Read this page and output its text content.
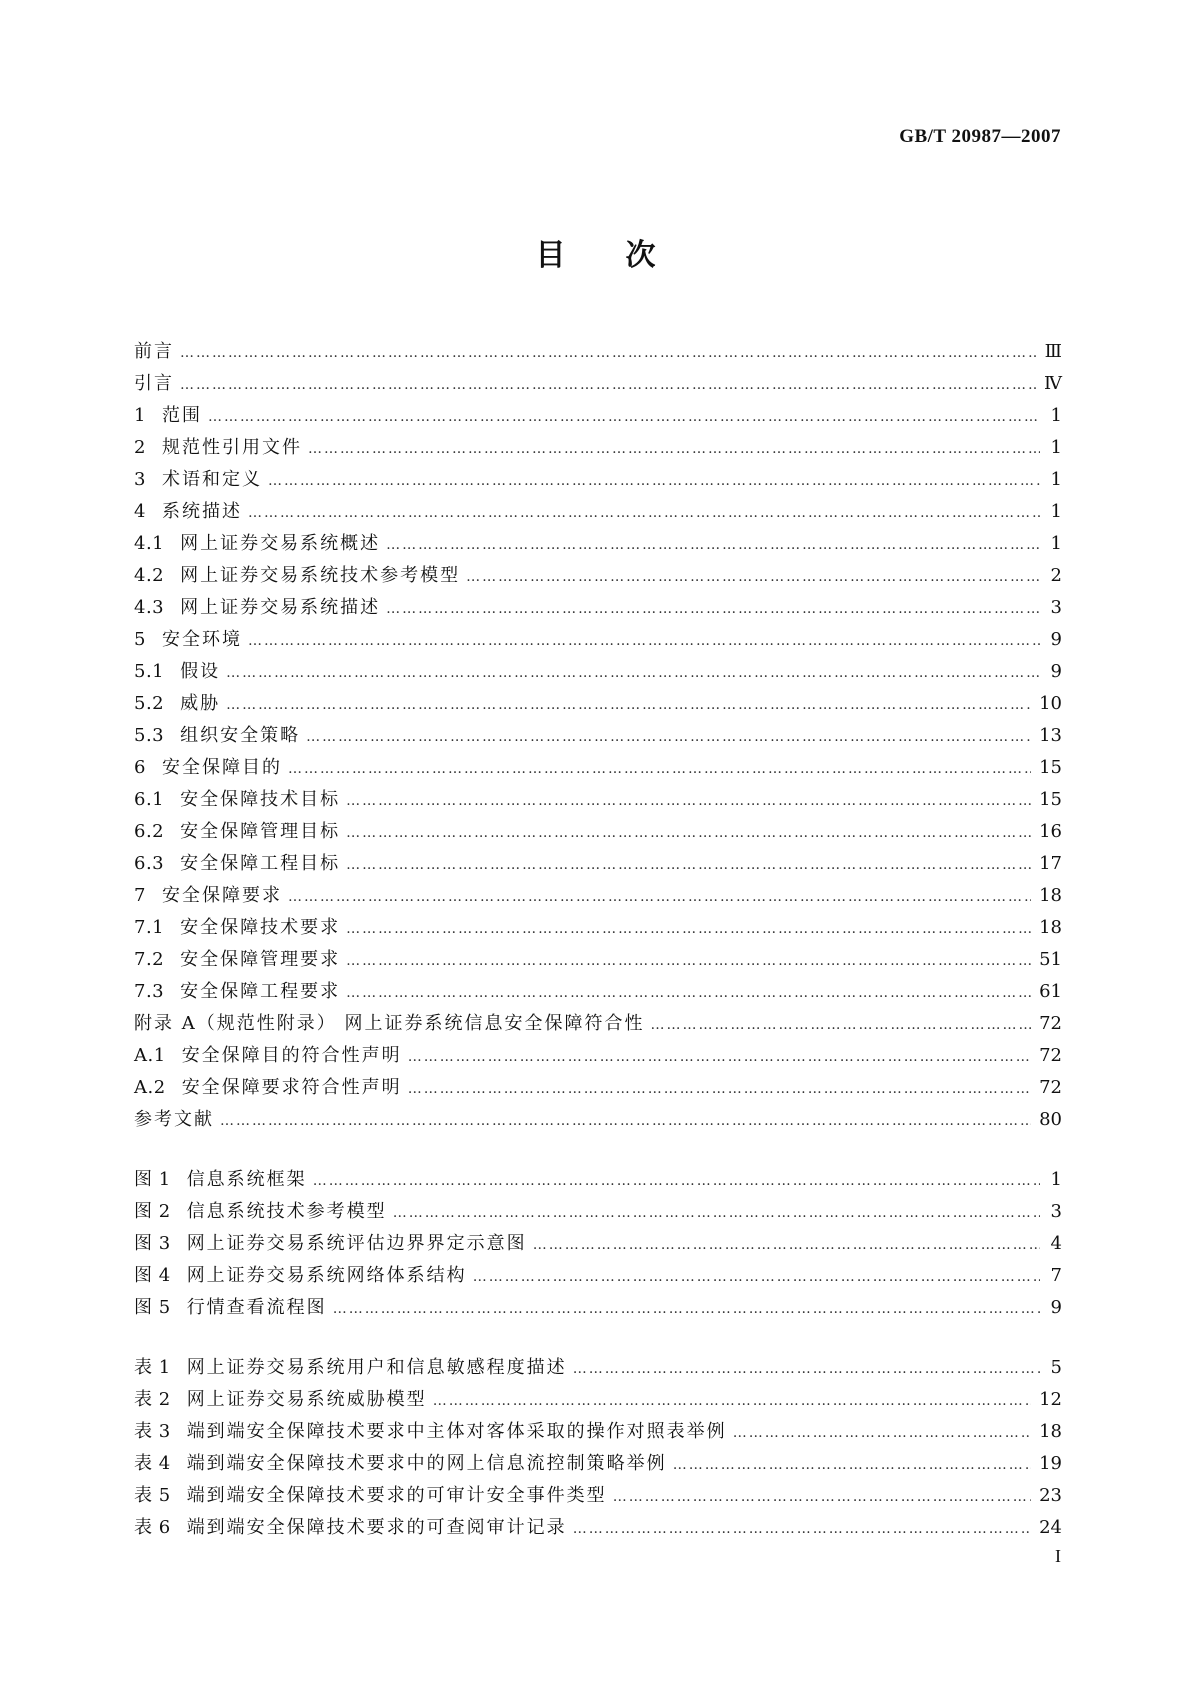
GB/T 20987—2007
目次
前言 ……………………………………………………………………………………………………………………………………………………………………………………………………………………………………………………	Ⅲ
引言 ……………………………………………………………………………………………………………………………………………………………………………………………………………………………………………………	Ⅳ
1 范围 ……………………………………………………………………………………………………………………………………………………………………………………………………………………………………………………	1
2 规范性引用文件 ……………………………………………………………………………………………………………………………………………………………………………………………………………………………………………………	1
3 术语和定义 ……………………………………………………………………………………………………………………………………………………………………………………………………………………………………………………	1
4 系统描述 ……………………………………………………………………………………………………………………………………………………………………………………………………………………………………………………	1
4.1 网上证券交易系统概述 ……………………………………………………………………………………………………………………………………………………………………………………………………………………………………………………	1
4.2 网上证券交易系统技术参考模型 ……………………………………………………………………………………………………………………………………………………………………………………………………………………………………………………	2
4.3 网上证券交易系统描述 ……………………………………………………………………………………………………………………………………………………………………………………………………………………………………………………	3
5 安全环境 ……………………………………………………………………………………………………………………………………………………………………………………………………………………………………………………	9
5.1 假设 ……………………………………………………………………………………………………………………………………………………………………………………………………………………………………………………	9
5.2 威胁 ……………………………………………………………………………………………………………………………………………………………………………………………………………………………………………………	10
5.3 组织安全策略 ……………………………………………………………………………………………………………………………………………………………………………………………………………………………………………………	13
6 安全保障目的 ……………………………………………………………………………………………………………………………………………………………………………………………………………………………………………………	15
6.1 安全保障技术目标 ……………………………………………………………………………………………………………………………………………………………………………………………………………………………………………………	15
6.2 安全保障管理目标 ……………………………………………………………………………………………………………………………………………………………………………………………………………………………………………………	16
6.3 安全保障工程目标 ……………………………………………………………………………………………………………………………………………………………………………………………………………………………………………………	17
7 安全保障要求 ……………………………………………………………………………………………………………………………………………………………………………………………………………………………………………………	18
7.1 安全保障技术要求 ……………………………………………………………………………………………………………………………………………………………………………………………………………………………………………………	18
7.2 安全保障管理要求 ……………………………………………………………………………………………………………………………………………………………………………………………………………………………………………………	51
7.3 安全保障工程要求 ……………………………………………………………………………………………………………………………………………………………………………………………………………………………………………………	61
附录 A（规范性附录） 网上证券系统信息安全保障符合性 ……………………………………………………………………………………………………………………………………………………………………………………………………………………………………………………	72
A.1 安全保障目的符合性声明 ……………………………………………………………………………………………………………………………………………………………………………………………………………………………………………………	72
A.2 安全保障要求符合性声明 ……………………………………………………………………………………………………………………………………………………………………………………………………………………………………………………	72
参考文献 ……………………………………………………………………………………………………………………………………………………………………………………………………………………………………………………	80
图 1 信息系统框架 ……………………………………………………………………………………………………………………………………………………………………………………………………………………………………………………	1
图 2 信息系统技术参考模型 ……………………………………………………………………………………………………………………………………………………………………………………………………………………………………………………	3
图 3 网上证券交易系统评估边界界定示意图 ……………………………………………………………………………………………………………………………………………………………………………………………………………………………………………………	4
图 4 网上证券交易系统网络体系结构 ……………………………………………………………………………………………………………………………………………………………………………………………………………………………………………………	7
图 5 行情查看流程图 ……………………………………………………………………………………………………………………………………………………………………………………………………………………………………………………	9
表 1 网上证券交易系统用户和信息敏感程度描述 ……………………………………………………………………………………………………………………………………………………………………………………………………………………………………………………	5
表 2 网上证券交易系统威胁模型 ……………………………………………………………………………………………………………………………………………………………………………………………………………………………………………………	12
表 3 端到端安全保障技术要求中主体对客体采取的操作对照表举例 ……………………………………………………………………………………………………………………………………………………………………………………………………………………………………………………	18
表 4 端到端安全保障技术要求中的网上信息流控制策略举例 ……………………………………………………………………………………………………………………………………………………………………………………………………………………………………………………	19
表 5 端到端安全保障技术要求的可审计安全事件类型 ……………………………………………………………………………………………………………………………………………………………………………………………………………………………………………………	23
表 6 端到端安全保障技术要求的可查阅审计记录 ……………………………………………………………………………………………………………………………………………………………………………………………………………………………………………………	24
I
